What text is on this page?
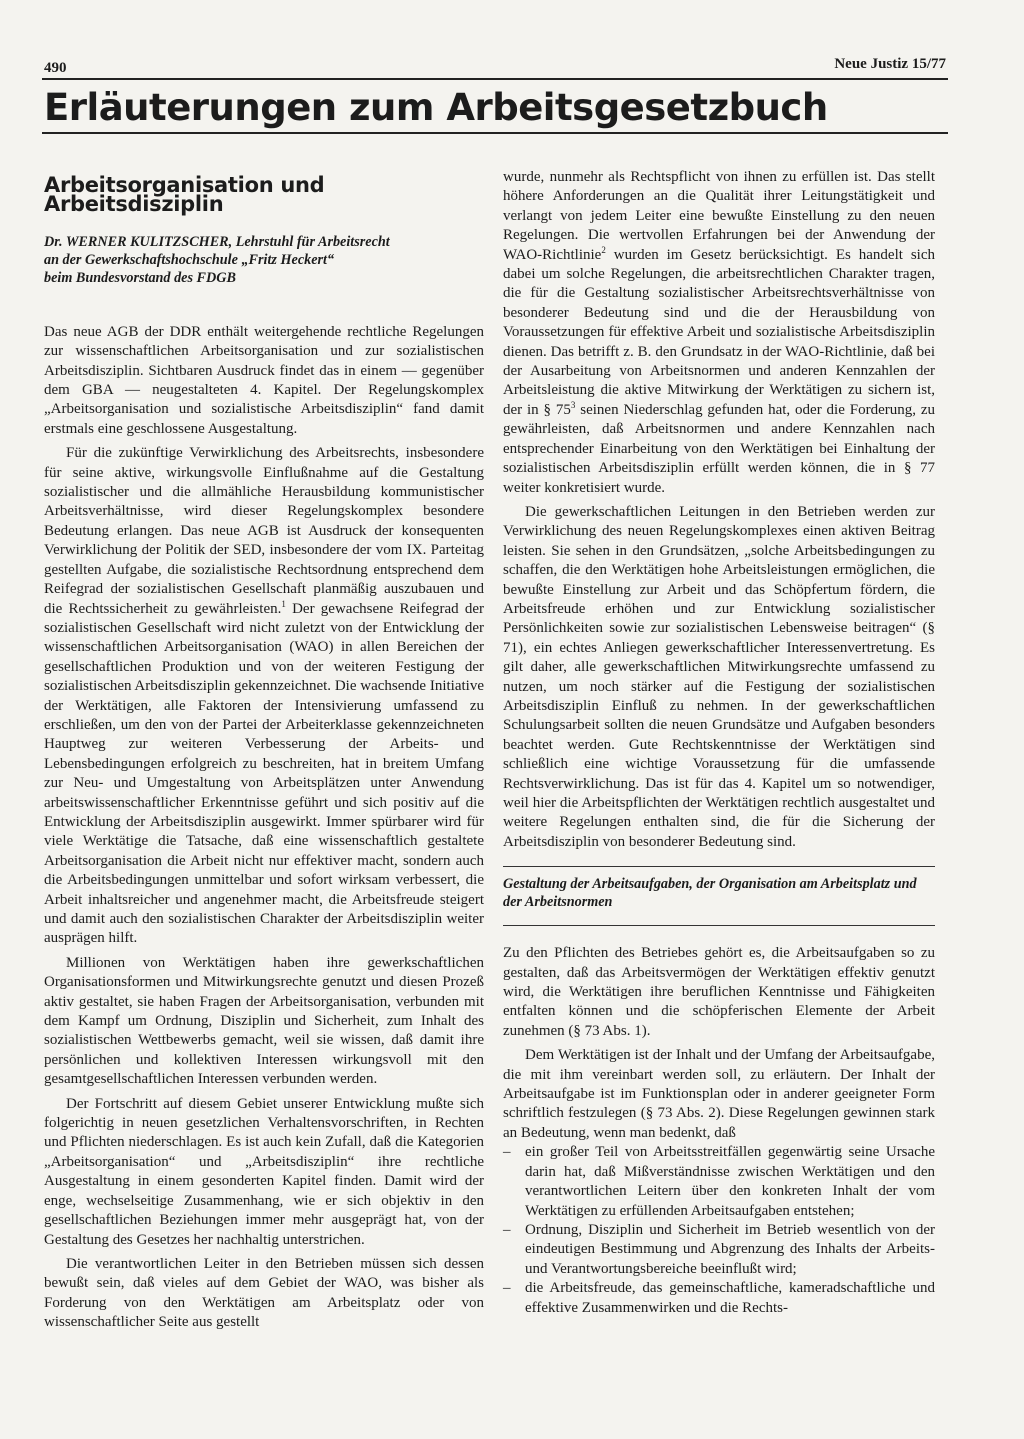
490	Neue Justiz 15/77
Erläuterungen zum Arbeitsgesetzbuch
Arbeitsorganisation und Arbeitsdisziplin
Dr. WERNER KULITZSCHER, Lehrstuhl für Arbeitsrecht
an der Gewerkschaftshochschule „Fritz Heckert“
beim Bundesvorstand des FDGB

Das neue AGB der DDR enthält weitergehende rechtliche Regelungen zur wissenschaftlichen Arbeitsorganisation und zur sozialistischen Arbeitsdisziplin. Sichtbaren Ausdruck findet das in einem — gegenüber dem GBA — neugestalteten 4. Kapitel. Der Regelungskomplex „Arbeitsorganisation und sozialistische Arbeitsdisziplin“ fand damit erstmals eine geschlossene Ausgestaltung.

Für die zukünftige Verwirklichung des Arbeitsrechts, insbesondere für seine aktive, wirkungsvolle Einflußnahme auf die Gestaltung sozialistischer und die allmähliche Herausbildung kommunistischer Arbeitsverhältnisse, wird dieser Regelungskomplex besondere Bedeutung erlangen. Das neue AGB ist Ausdruck der konsequenten Verwirklichung der Politik der SED, insbesondere der vom IX. Parteitag gestellten Aufgabe, die sozialistische Rechtsordnung entsprechend dem Reifegrad der sozialistischen Gesellschaft planmäßig auszubauen und die Rechtssicherheit zu gewährleisten.$^1$ Der gewachsene Reifegrad der sozialistischen Gesellschaft wird nicht zuletzt von der Entwicklung der wissenschaftlichen Arbeitsorganisation (WAO) in allen Bereichen der gesellschaftlichen Produktion und von der weiteren Festigung der sozialistischen Arbeitsdisziplin gekennzeichnet. Die wachsende Initiative der Werktätigen, alle Faktoren der Intensivierung umfassend zu erschließen, um den von der Partei der Arbeiterklasse gekennzeichneten Hauptweg zur weiteren Verbesserung der Arbeits- und Lebensbedingungen erfolgreich zu beschreiten, hat in breitem Umfang zur Neu- und Umgestaltung von Arbeitsplätzen unter Anwendung arbeitswissenschaftlicher Erkenntnisse geführt und sich positiv auf die Entwicklung der Arbeitsdisziplin ausgewirkt. Immer spürbarer wird für viele Werktätige die Tatsache, daß eine wissenschaftlich gestaltete Arbeitsorganisation die Arbeit nicht nur effektiver macht, sondern auch die Arbeitsbedingungen unmittelbar und sofort wirksam verbessert, die Arbeit inhaltsreicher und angenehmer macht, die Arbeitsfreude steigert und damit auch den sozialistischen Charakter der Arbeitsdisziplin weiter ausprägen hilft.

Millionen von Werktätigen haben ihre gewerkschaftlichen Organisationsformen und Mitwirkungsrechte genutzt und diesen Prozeß aktiv gestaltet, sie haben Fragen der Arbeitsorganisation, verbunden mit dem Kampf um Ordnung, Disziplin und Sicherheit, zum Inhalt des sozialistischen Wettbewerbs gemacht, weil sie wissen, daß damit ihre persönlichen und kollektiven Interessen wirkungsvoll mit den gesamtgesellschaftlichen Interessen verbunden werden.

Der Fortschritt auf diesem Gebiet unserer Entwicklung mußte sich folgerichtig in neuen gesetzlichen Verhaltensvorschriften, in Rechten und Pflichten niederschlagen. Es ist auch kein Zufall, daß die Kategorien „Arbeitsorganisation“ und „Arbeitsdisziplin“ ihre rechtliche Ausgestaltung in einem gesonderten Kapitel finden. Damit wird der enge, wechselseitige Zusammenhang, wie er sich objektiv in den gesellschaftlichen Beziehungen immer mehr ausgeprägt hat, von der Gestaltung des Gesetzes her nachhaltig unterstrichen.

Die verantwortlichen Leiter in den Betrieben müssen sich dessen bewußt sein, daß vieles auf dem Gebiet der WAO, was bisher als Forderung von den Werktätigen am Arbeitsplatz oder von wissenschaftlicher Seite aus gestellt

wurde, nunmehr als Rechtspflicht von ihnen zu erfüllen ist. Das stellt höhere Anforderungen an die Qualität ihrer Leitungstätigkeit und verlangt von jedem Leiter eine bewußte Einstellung zu den neuen Regelungen. Die wertvollen Erfahrungen bei der Anwendung der WAO-Richtlinie$^2$ wurden im Gesetz berücksichtigt. Es handelt sich dabei um solche Regelungen, die arbeitsrechtlichen Charakter tragen, die für die Gestaltung sozialistischer Arbeitsrechtsverhältnisse von besonderer Bedeutung sind und die der Herausbildung von Voraussetzungen für effektive Arbeit und sozialistische Arbeitsdisziplin dienen. Das betrifft z. B. den Grundsatz in der WAO-Richtlinie, daß bei der Ausarbeitung von Arbeitsnormen und anderen Kennzahlen der Arbeitsleistung die aktive Mitwirkung der Werktätigen zu sichern ist, der in § $75^3$ seinen Niederschlag gefunden hat, oder die Forderung, zu gewährleisten, daß Arbeitsnormen und andere Kennzahlen nach entsprechender Einarbeitung von den Werktätigen bei Einhaltung der sozialistischen Arbeitsdisziplin erfüllt werden können, die in § 77 weiter konkretisiert wurde.

Die gewerkschaftlichen Leitungen in den Betrieben werden zur Verwirklichung des neuen Regelungskomplexes einen aktiven Beitrag leisten. Sie sehen in den Grundsätzen, „solche Arbeitsbedingungen zu schaffen, die den Werktätigen hohe Arbeitsleistungen ermöglichen, die bewußte Einstellung zur Arbeit und das Schöpfertum fördern, die Arbeitsfreude erhöhen und zur Entwicklung sozialistischer Persönlichkeiten sowie zur sozialistischen Lebensweise beitragen“ (§ 71), ein echtes Anliegen gewerkschaftlicher Interessenvertretung. Es gilt daher, alle gewerkschaftlichen Mitwirkungsrechte umfassend zu nutzen, um noch stärker auf die Festigung der sozialistischen Arbeitsdisziplin Einfluß zu nehmen. In der gewerkschaftlichen Schulungsarbeit sollten die neuen Grundsätze und Aufgaben besonders beachtet werden. Gute Rechtskenntnisse der Werktätigen sind schließlich eine wichtige Voraussetzung für die umfassende Rechtsverwirklichung. Das ist für das 4. Kapitel um so notwendiger, weil hier die Arbeitspflichten der Werktätigen rechtlich ausgestaltet und weitere Regelungen enthalten sind, die für die Sicherung der Arbeitsdisziplin von besonderer Bedeutung sind.

Gestaltung der Arbeitsaufgaben, der Organisation am Arbeitsplatz und der Arbeitsnormen

Zu den Pflichten des Betriebes gehört es, die Arbeitsaufgaben so zu gestalten, daß das Arbeitsvermögen der Werktätigen effektiv genutzt wird, die Werktätigen ihre beruflichen Kenntnisse und Fähigkeiten entfalten können und die schöpferischen Elemente der Arbeit zunehmen (§ 73 Abs. 1).

Dem Werktätigen ist der Inhalt und der Umfang der Arbeitsaufgabe, die mit ihm vereinbart werden soll, zu erläutern. Der Inhalt der Arbeitsaufgabe ist im Funktionsplan oder in anderer geeigneter Form schriftlich festzulegen (§ 73 Abs. 2). Diese Regelungen gewinnen stark an Bedeutung, wenn man bedenkt, daß

– ein großer Teil von Arbeitsstreitfällen gegenwärtig seine Ursache darin hat, daß Mißverständnisse zwischen Werktätigen und den verantwortlichen Leitern über den konkreten Inhalt der vom Werktätigen zu erfüllenden Arbeitsaufgaben entstehen;
– Ordnung, Disziplin und Sicherheit im Betrieb wesentlich von der eindeutigen Bestimmung und Abgrenzung des Inhalts der Arbeits- und Verantwortungsbereiche beeinflußt wird;
– die Arbeitsfreude, das gemeinschaftliche, kameradschaftliche und effektive Zusammenwirken und die Rechts-
